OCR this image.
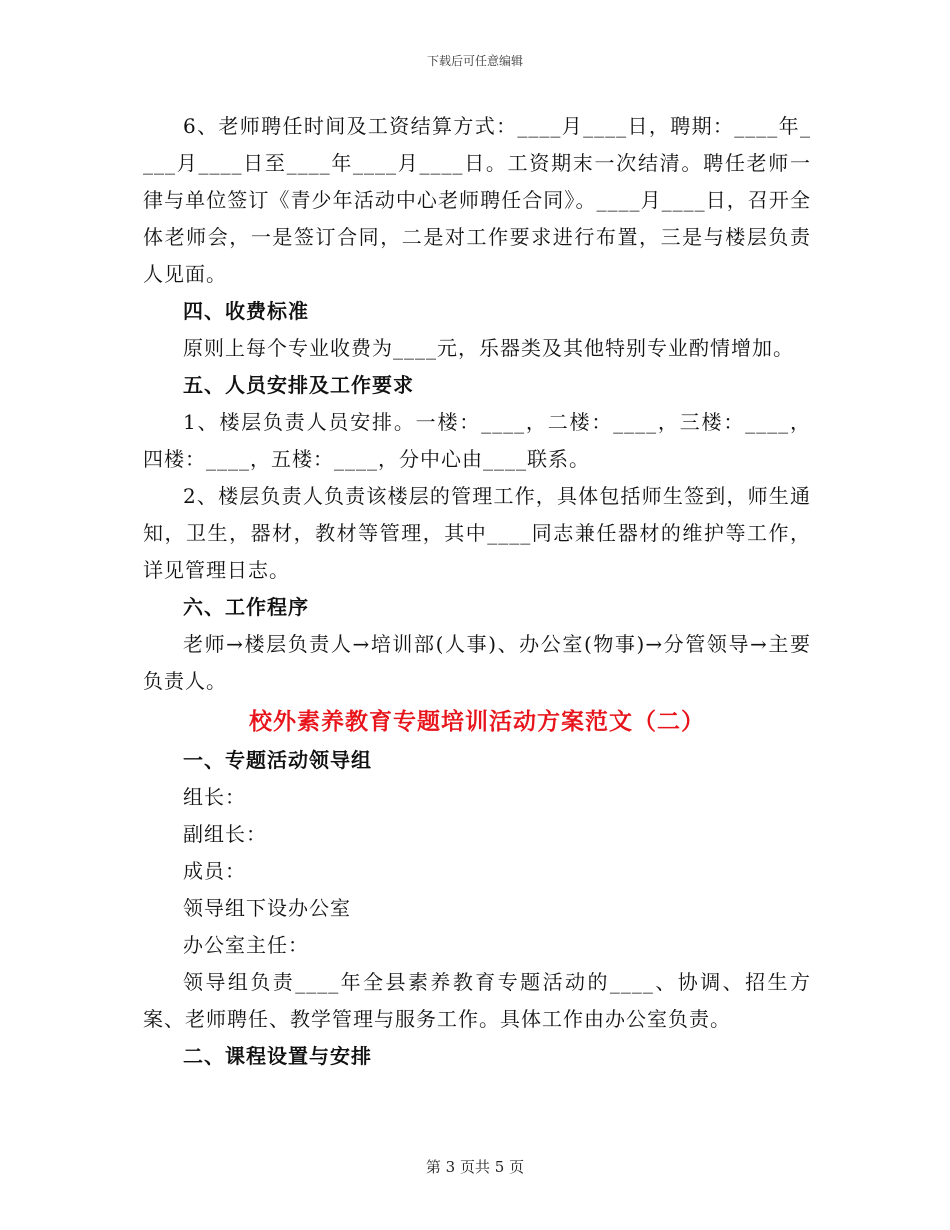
下载后可任意编辑

6、老师聘任时间及工资结算方式：____月____日，聘期：____年____月____日至____年____月____日。工资期末一次结清。聘任老师一律与单位签订《青少年活动中心老师聘任合同》。____月____日，召开全体老师会，一是签订合同，二是对工作要求进行布置，三是与楼层负责人见面。

四、收费标准

原则上每个专业收费为____元，乐器类及其他特别专业酌情增加。

五、人员安排及工作要求

1、楼层负责人员安排。一楼：____，二楼：____，三楼：____，四楼：____，五楼：____，分中心由____联系。

2、楼层负责人负责该楼层的管理工作，具体包括师生签到，师生通知，卫生，器材，教材等管理，其中____同志兼任器材的维护等工作，详见管理日志。

六、工作程序

老师→楼层负责人→培训部(人事)、办公室(物事)→分管领导→主要负责人。

校外素养教育专题培训活动方案范文（二）

一、专题活动领导组

组长：

副组长：

成员：

领导组下设办公室

办公室主任：

领导组负责____年全县素养教育专题活动的____、协调、招生方案、老师聘任、教学管理与服务工作。具体工作由办公室负责。

二、课程设置与安排

第 3 页共 5 页
